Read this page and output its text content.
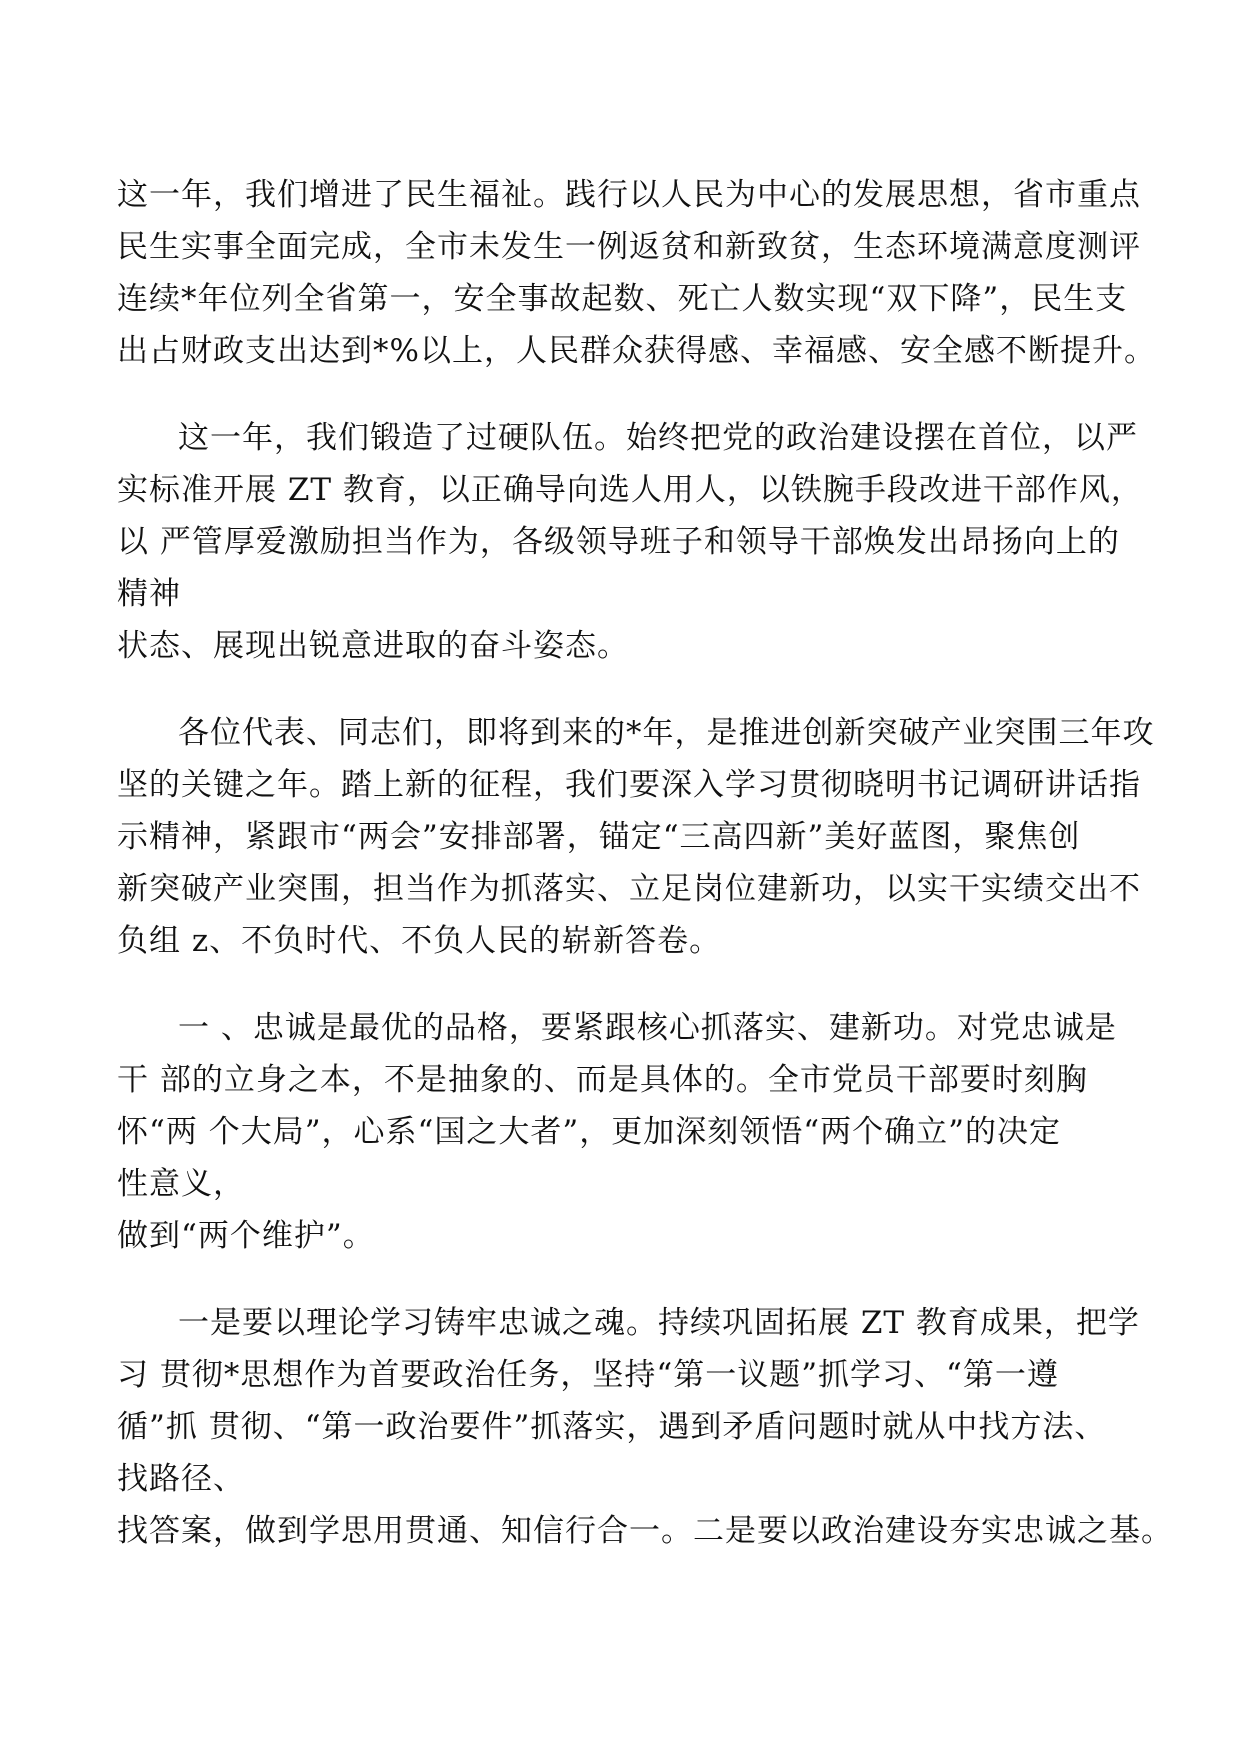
这一年，我们增进了民生福祉。践行以人民为中心的发展思想，省市重点
民生实事全面完成，全市未发生一例返贫和新致贫，生态环境满意度测评
连续*年位列全省第一，安全事故起数、死亡人数实现“双下降”，民生支
出占财政支出达到*%以上，人民群众获得感、幸福感、安全感不断提升。
这一年，我们锻造了过硬队伍。始终把党的政治建设摆在首位，以严
实标准开展 ZT 教育，以正确导向选人用人，以铁腕手段改进干部作风，
以 严管厚爱激励担当作为，各级领导班子和领导干部焕发出昂扬向上的
精神
状态、展现出锐意进取的奋斗姿态。
各位代表、同志们，即将到来的*年，是推进创新突破产业突围三年攻
坚的关键之年。踏上新的征程，我们要深入学习贯彻晓明书记调研讲话指
示精神，紧跟市“两会”安排部署，锚定“三高四新”美好蓝图，聚焦创
新突破产业突围，担当作为抓落实、立足岗位建新功，以实干实绩交出不
负组 z、不负时代、不负人民的崭新答卷。
一 、忠诚是最优的品格，要紧跟核心抓落实、建新功。对党忠诚是
干 部的立身之本，不是抽象的、而是具体的。全市党员干部要时刻胸
怀“两 个大局”，心系“国之大者”，更加深刻领悟“两个确立”的决定
性意义，
做到“两个维护”。
一是要以理论学习铸牢忠诚之魂。持续巩固拓展 ZT 教育成果，把学
习 贯彻*思想作为首要政治任务，坚持“第一议题”抓学习、“第一遵
循”抓 贯彻、“第一政治要件”抓落实，遇到矛盾问题时就从中找方法、
找路径、
找答案，做到学思用贯通、知信行合一。二是要以政治建设夯实忠诚之基。
